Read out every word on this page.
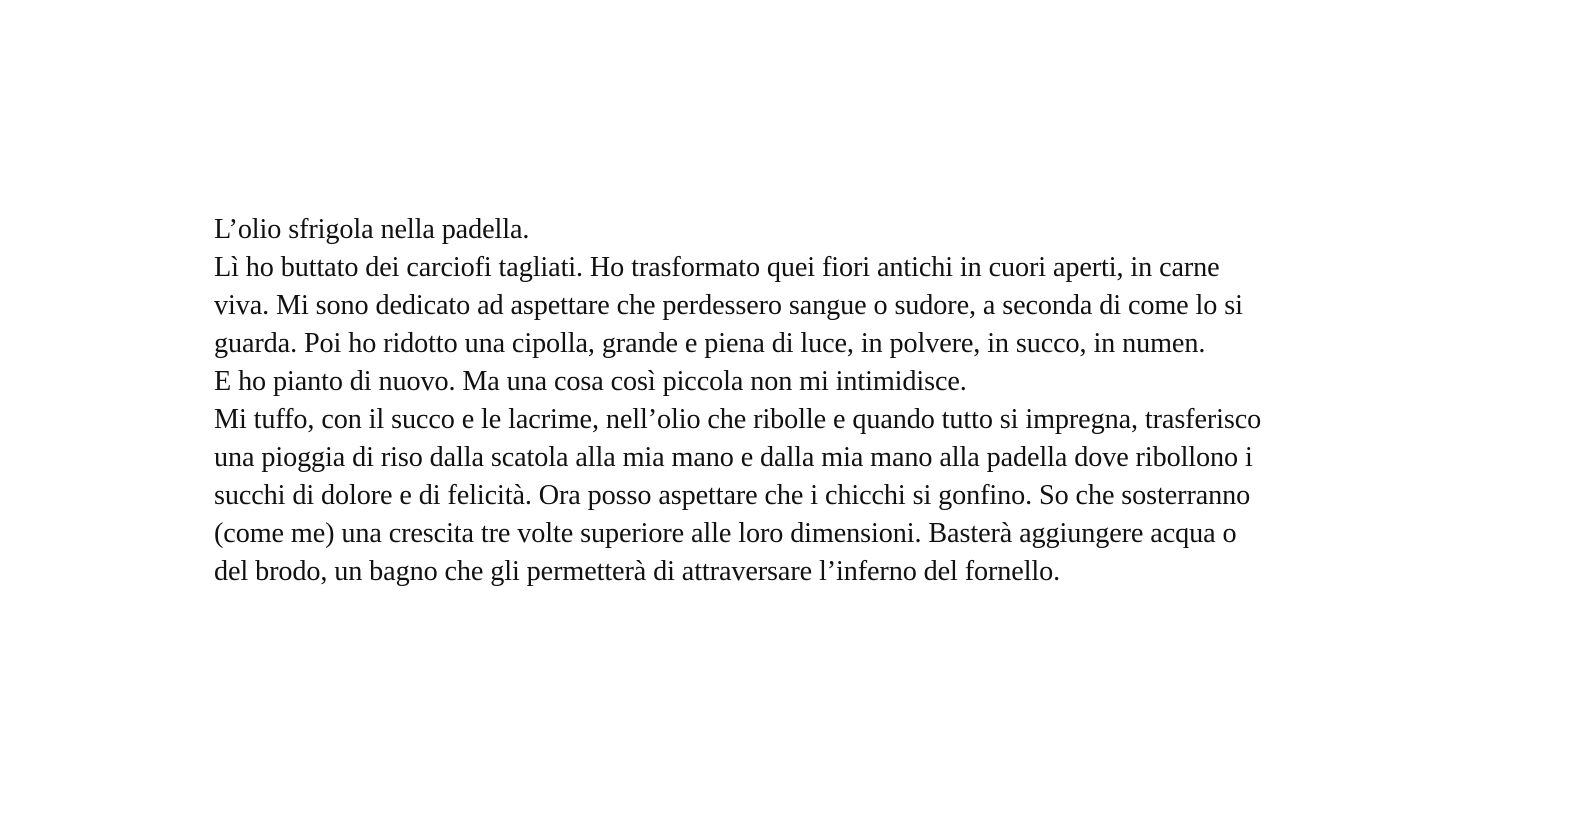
L’olio sfrigola nella padella.
Lì ho buttato dei carciofi tagliati. Ho trasformato quei fiori antichi in cuori aperti, in carne
viva. Mi sono dedicato ad aspettare che perdessero sangue o sudore, a seconda di come lo si
guarda. Poi ho ridotto una cipolla, grande e piena di luce, in polvere, in succo, in numen.
E ho pianto di nuovo. Ma una cosa così piccola non mi intimidisce.
Mi tuffo, con il succo e le lacrime, nell’olio che ribolle e quando tutto si impregna, trasferisco
una pioggia di riso dalla scatola alla mia mano e dalla mia mano alla padella dove ribollono i
succhi di dolore e di felicità. Ora posso aspettare che i chicchi si gonfino. So che sosterranno
(come me) una crescita tre volte superiore alle loro dimensioni. Basterà aggiungere acqua o
del brodo, un bagno che gli permetterà di attraversare l’inferno del fornello.
